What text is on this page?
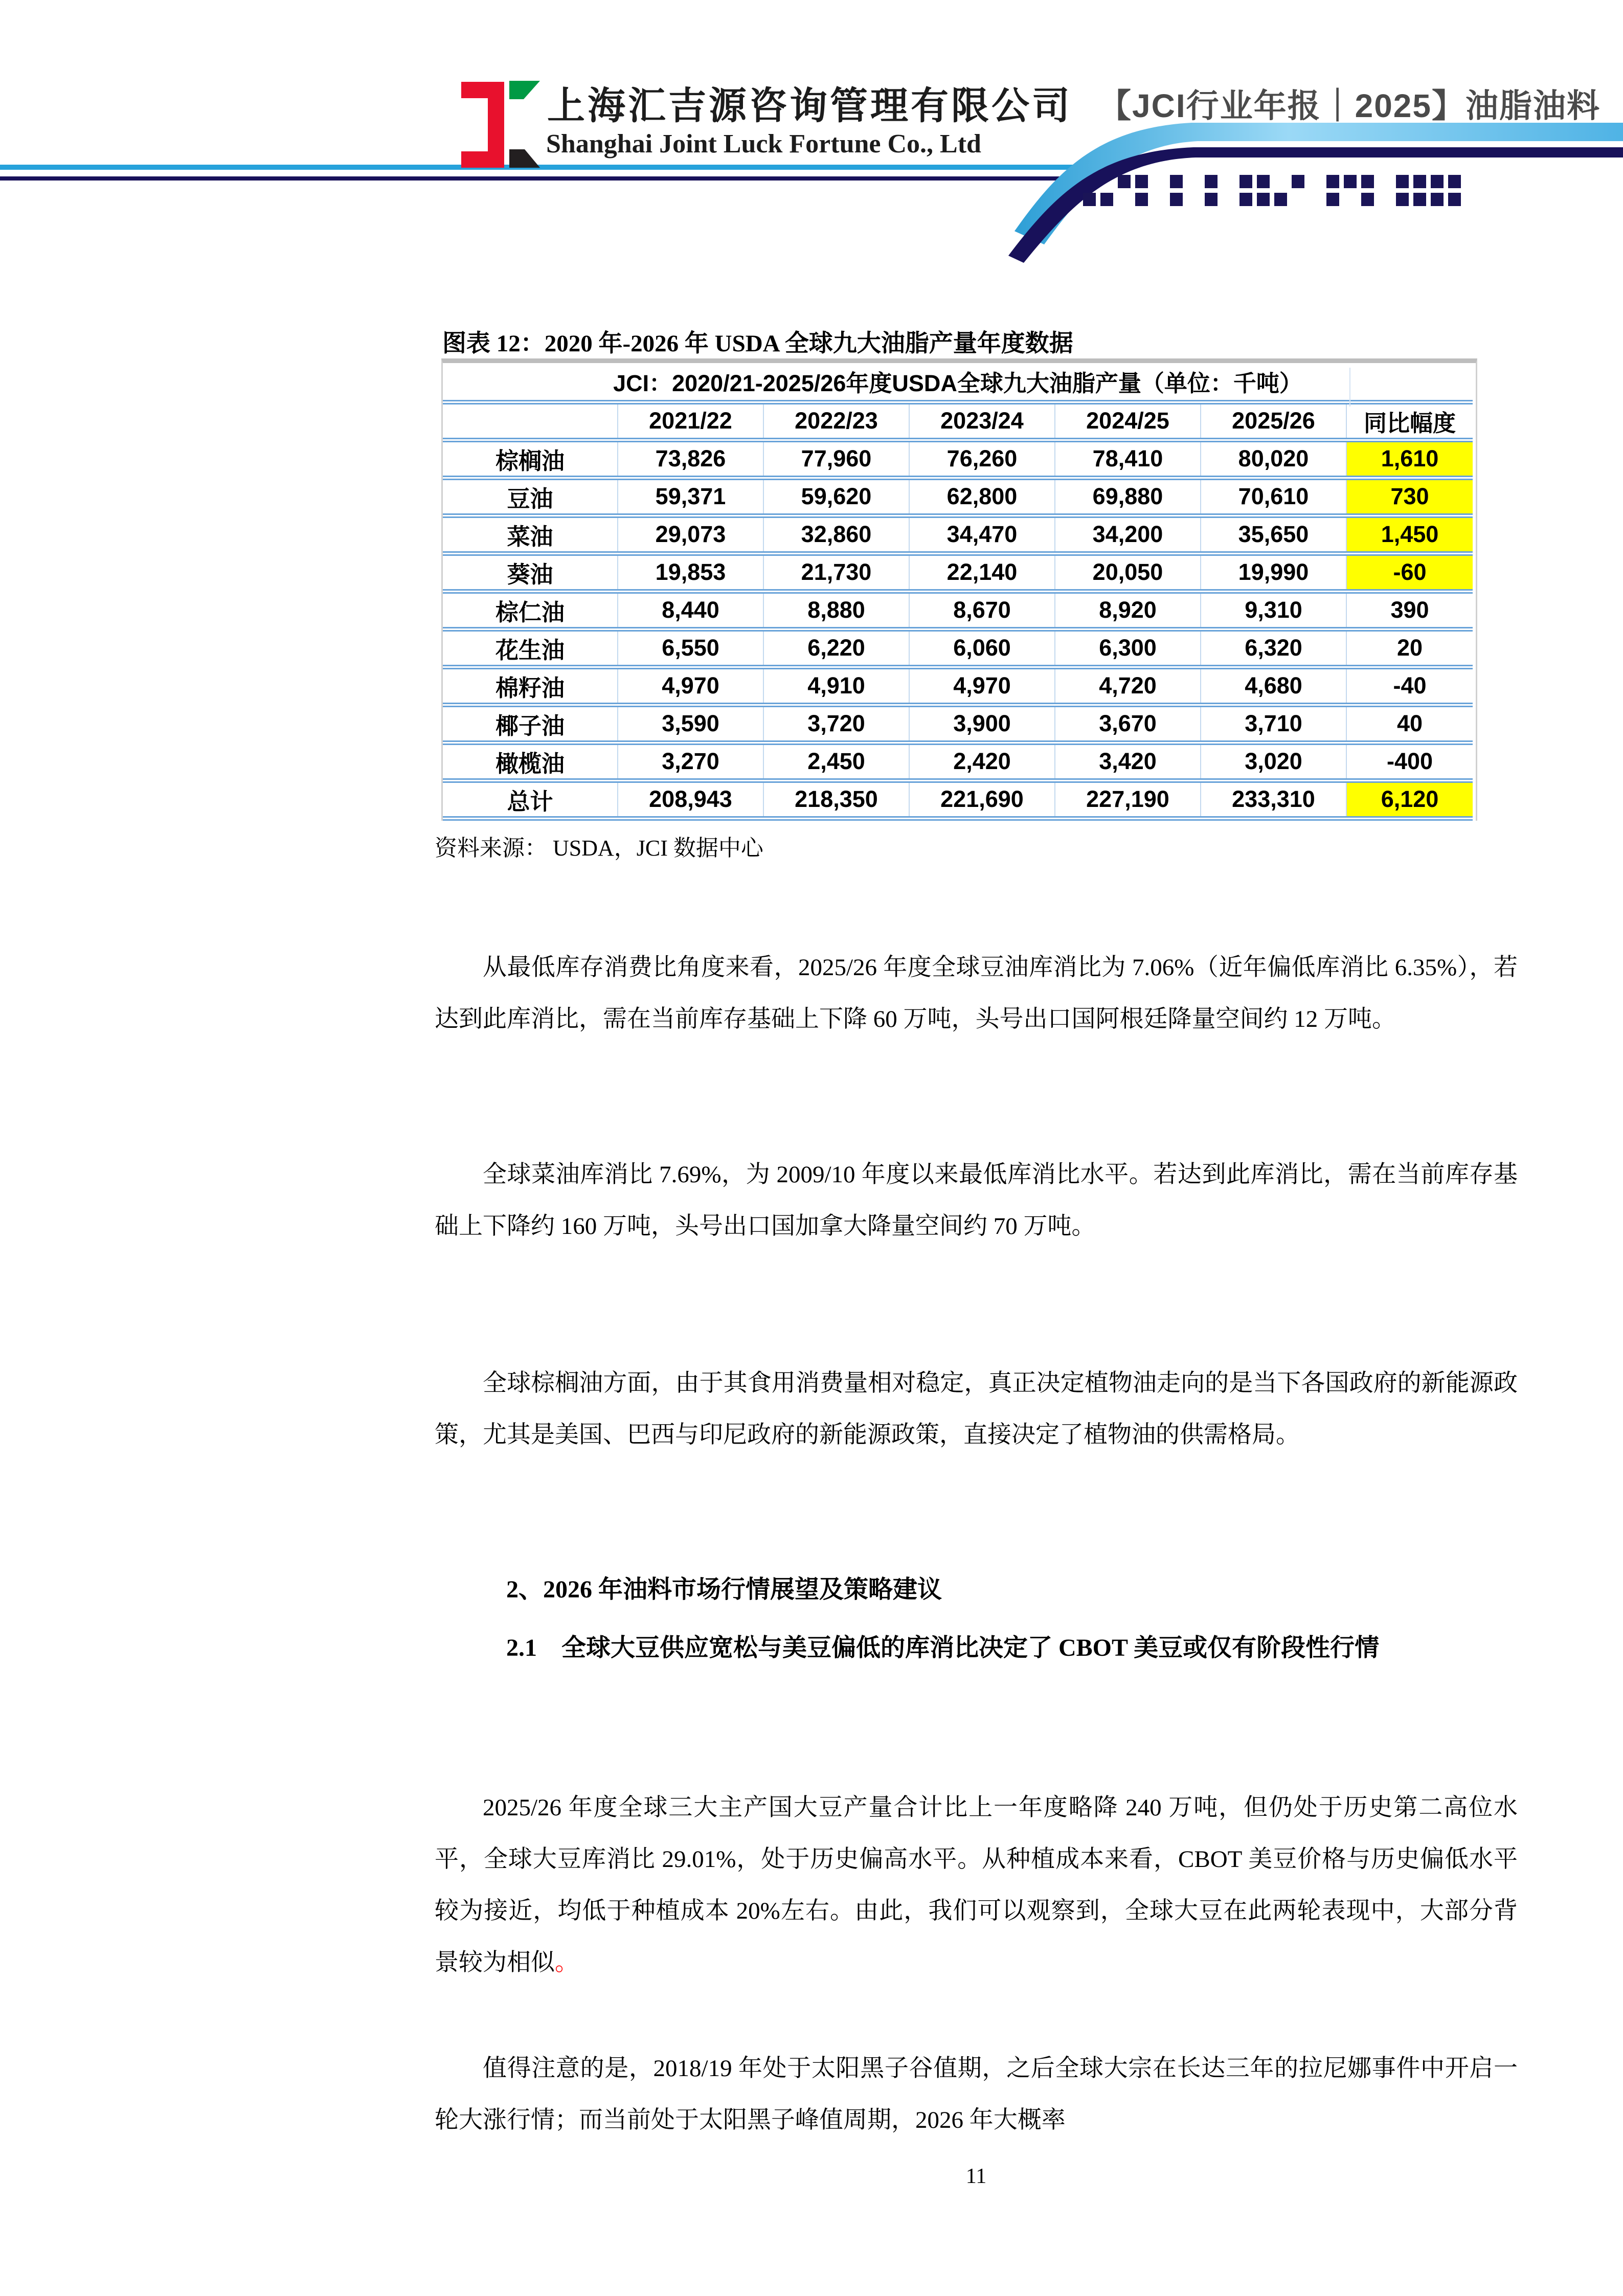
上海汇吉源咨询管理有限公司
Shanghai Joint Luck Fortune Co., Ltd
【JCI行业年报｜2025】油脂油料
图表 12：2020 年-2026 年 USDA 全球九大油脂产量年度数据
JCI：2020/21-2025/26年度USDA全球九大油脂产量（单位：千吨）						
	2021/22	2022/23	2023/24	2024/25	2025/26	同比幅度
棕榈油	73,826	77,960	76,260	78,410	80,020	1,610
豆油	59,371	59,620	62,800	69,880	70,610	730
菜油	29,073	32,860	34,470	34,200	35,650	1,450
葵油	19,853	21,730	22,140	20,050	19,990	-60
棕仁油	8,440	8,880	8,670	8,920	9,310	390
花生油	6,550	6,220	6,060	6,300	6,320	20
棉籽油	4,970	4,910	4,970	4,720	4,680	-40
椰子油	3,590	3,720	3,900	3,670	3,710	40
橄榄油	3,270	2,450	2,420	3,420	3,020	-400
总计	208,943	218,350	221,690	227,190	233,310	6,120
资料来源： USDA，JCI 数据中心

从最低库存消费比角度来看，2025/26 年度全球豆油库消比为 7.06%（近年偏低库消比 6.35%），若达到此库消比，需在当前库存基础上下降 60 万吨，头号出口国阿根廷降量空间约 12 万吨。

全球菜油库消比 7.69%，为 2009/10 年度以来最低库消比水平。若达到此库消比，需在当前库存基础上下降约 160 万吨，头号出口国加拿大降量空间约 70 万吨。

全球棕榈油方面，由于其食用消费量相对稳定，真正决定植物油走向的是当下各国政府的新能源政策，尤其是美国、巴西与印尼政府的新能源政策，直接决定了植物油的供需格局。

2、2026 年油料市场行情展望及策略建议
2.1　全球大豆供应宽松与美豆偏低的库消比决定了 CBOT 美豆或仅有阶段性行情

2025/26 年度全球三大主产国大豆产量合计比上一年度略降 240 万吨，但仍处于历史第二高位水平，全球大豆库消比 29.01%，处于历史偏高水平。从种植成本来看，CBOT 美豆价格与历史偏低水平较为接近，均低于种植成本 20%左右。由此，我们可以观察到，全球大豆在此两轮表现中，大部分背景较为相似。

值得注意的是，2018/19 年处于太阳黑子谷值期，之后全球大宗在长达三年的拉尼娜事件中开启一轮大涨行情；而当前处于太阳黑子峰值周期，2026 年大概率

11
